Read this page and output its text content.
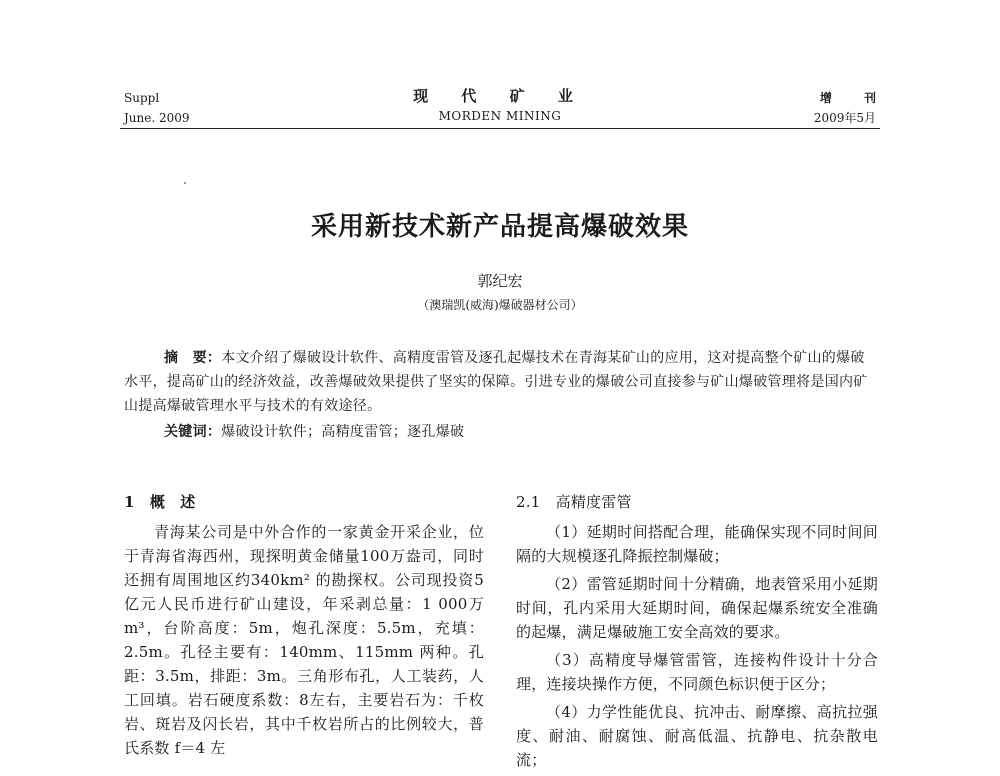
Suppl
June. 2009
现 代 矿 业
MORDEN MINING
增 刊
2009年5月
采用新技术新产品提高爆破效果
郭纪宏
（澳瑞凯(威海)爆破器材公司）
摘　要：本文介绍了爆破设计软件、高精度雷管及逐孔起爆技术在青海某矿山的应用，这对提高整个矿山的爆破水平，提高矿山的经济效益，改善爆破效果提供了坚实的保障。引进专业的爆破公司直接参与矿山爆破管理将是国内矿山提高爆破管理水平与技术的有效途径。
关键词：爆破设计软件；高精度雷管；逐孔爆破
1　概　述

青海某公司是中外合作的一家黄金开采企业，位于青海省海西州，现探明黄金储量100万盎司，同时还拥有周围地区约340km² 的勘探权。公司现投资5亿元人民币进行矿山建设，年采剥总量：1 000万 m³，台阶高度：5m，炮孔深度：5.5m，充填：2.5m。孔径主要有：140mm、115mm 两种。孔距：3.5m，排距：3m。三角形布孔，人工装药，人工回填。岩石硬度系数：8左右，主要岩石为：千枚岩、斑岩及闪长岩，其中千枚岩所占的比例较大，普氏系数 f＝4 左

2.1　高精度雷管

（1）延期时间搭配合理，能确保实现不同时间间隔的大规模逐孔降振控制爆破；

（2）雷管延期时间十分精确，地表管采用小延期时间，孔内采用大延期时间，确保起爆系统安全准确的起爆，满足爆破施工安全高效的要求。

（3）高精度导爆管雷管，连接构件设计十分合理，连接块操作方便，不同颜色标识便于区分；

（4）力学性能优良、抗冲击、耐摩擦、高抗拉强度、耐油、耐腐蚀、耐高低温、抗静电、抗杂散电流；
